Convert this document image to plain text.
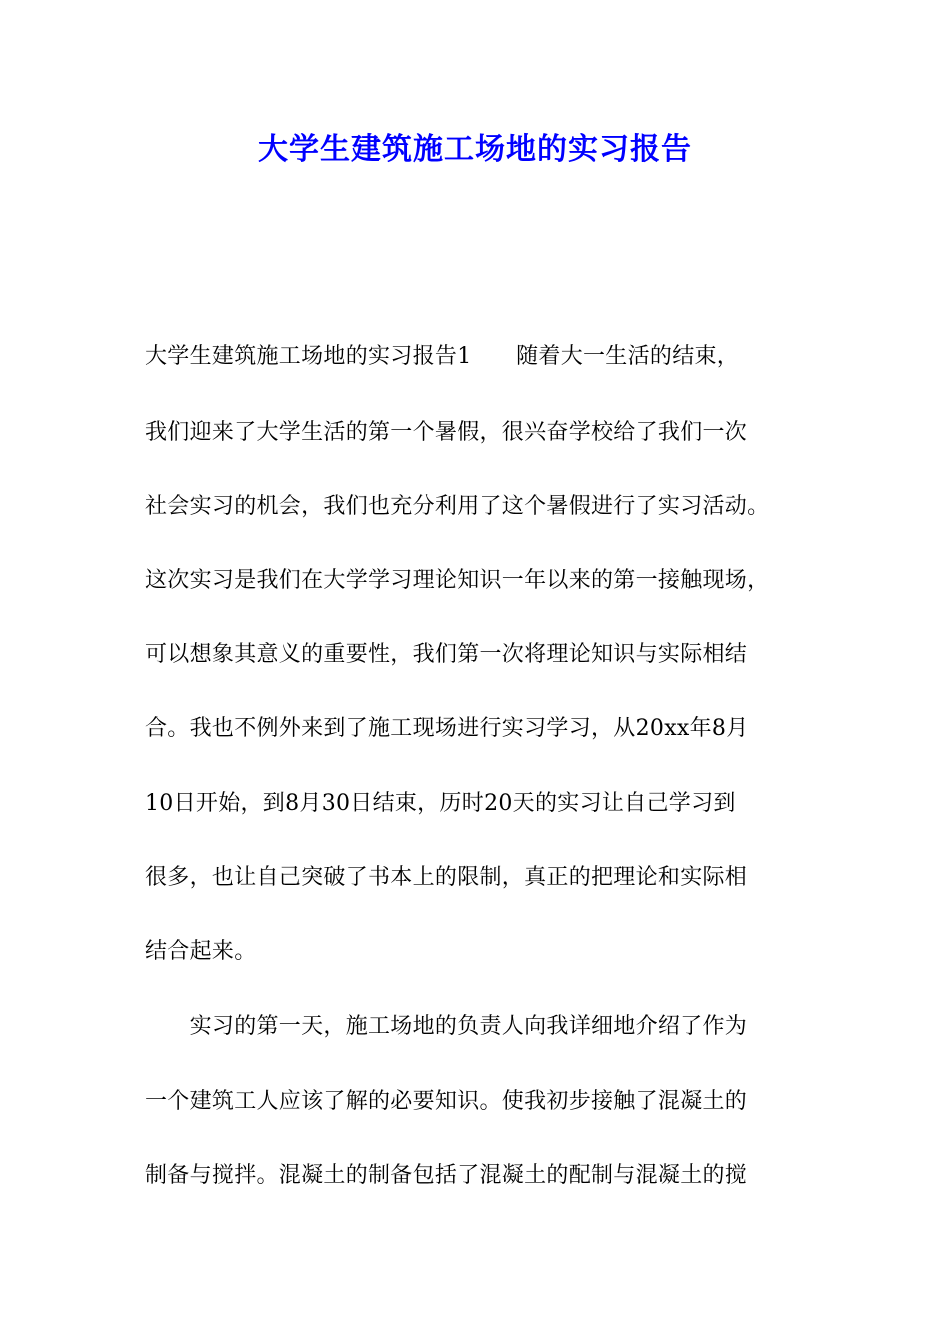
大学生建筑施工场地的实习报告
大学生建筑施工场地的实习报告1　　随着大一生活的结束，
我们迎来了大学生活的第一个暑假，很兴奋学校给了我们一次
社会实习的机会，我们也充分利用了这个暑假进行了实习活动。
这次实习是我们在大学学习理论知识一年以来的第一接触现场，
可以想象其意义的重要性，我们第一次将理论知识与实际相结
合。我也不例外来到了施工现场进行实习学习，从20xx年8月
10日开始，到8月30日结束，历时20天的实习让自己学习到
很多，也让自己突破了书本上的限制，真正的把理论和实际相
结合起来。
　　实习的第一天，施工场地的负责人向我详细地介绍了作为
一个建筑工人应该了解的必要知识。使我初步接触了混凝土的
制备与搅拌。混凝土的制备包括了混凝土的配制与混凝土的搅
